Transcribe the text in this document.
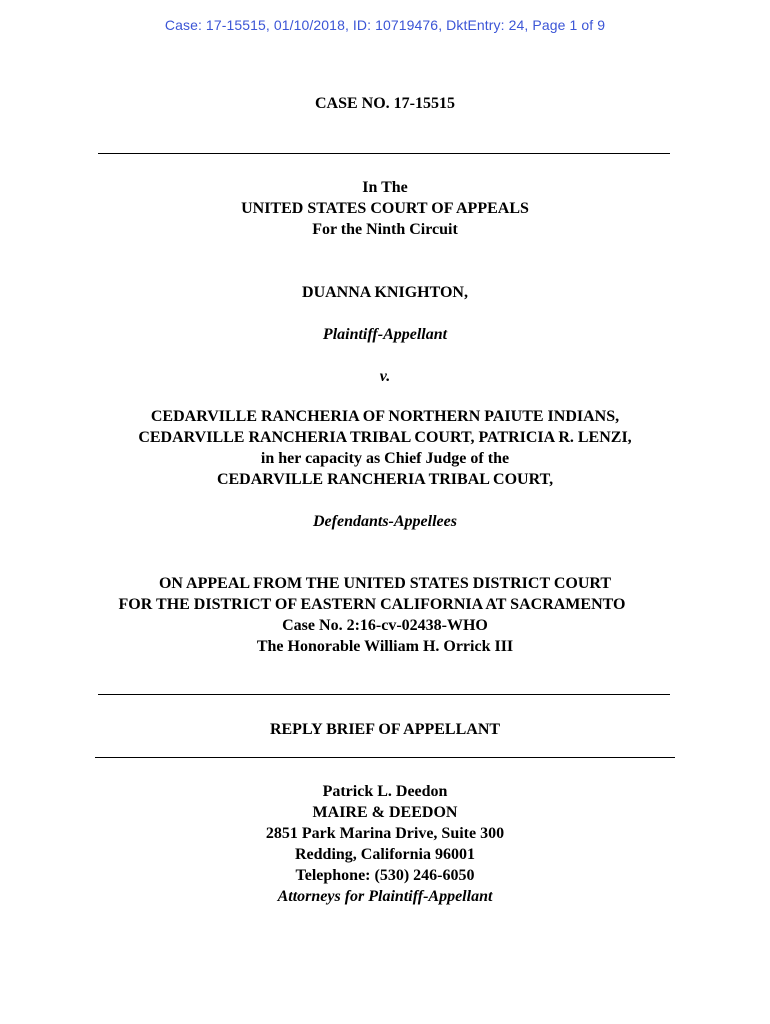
Case: 17-15515, 01/10/2018, ID: 10719476, DktEntry: 24, Page 1 of 9
CASE NO. 17-15515
In The
UNITED STATES COURT OF APPEALS
For the Ninth Circuit
DUANNA KNIGHTON,
Plaintiff-Appellant
v.
CEDARVILLE RANCHERIA OF NORTHERN PAIUTE INDIANS,
CEDARVILLE RANCHERIA TRIBAL COURT, PATRICIA R. LENZI,
in her capacity as Chief Judge of the
CEDARVILLE RANCHERIA TRIBAL COURT,
Defendants-Appellees
ON APPEAL FROM THE UNITED STATES DISTRICT COURT
FOR THE DISTRICT OF EASTERN CALIFORNIA AT SACRAMENTO
Case No. 2:16-cv-02438-WHO
The Honorable William H. Orrick III
REPLY BRIEF OF APPELLANT
Patrick L. Deedon
MAIRE & DEEDON
2851 Park Marina Drive, Suite 300
Redding, California 96001
Telephone: (530) 246-6050
Attorneys for Plaintiff-Appellant
